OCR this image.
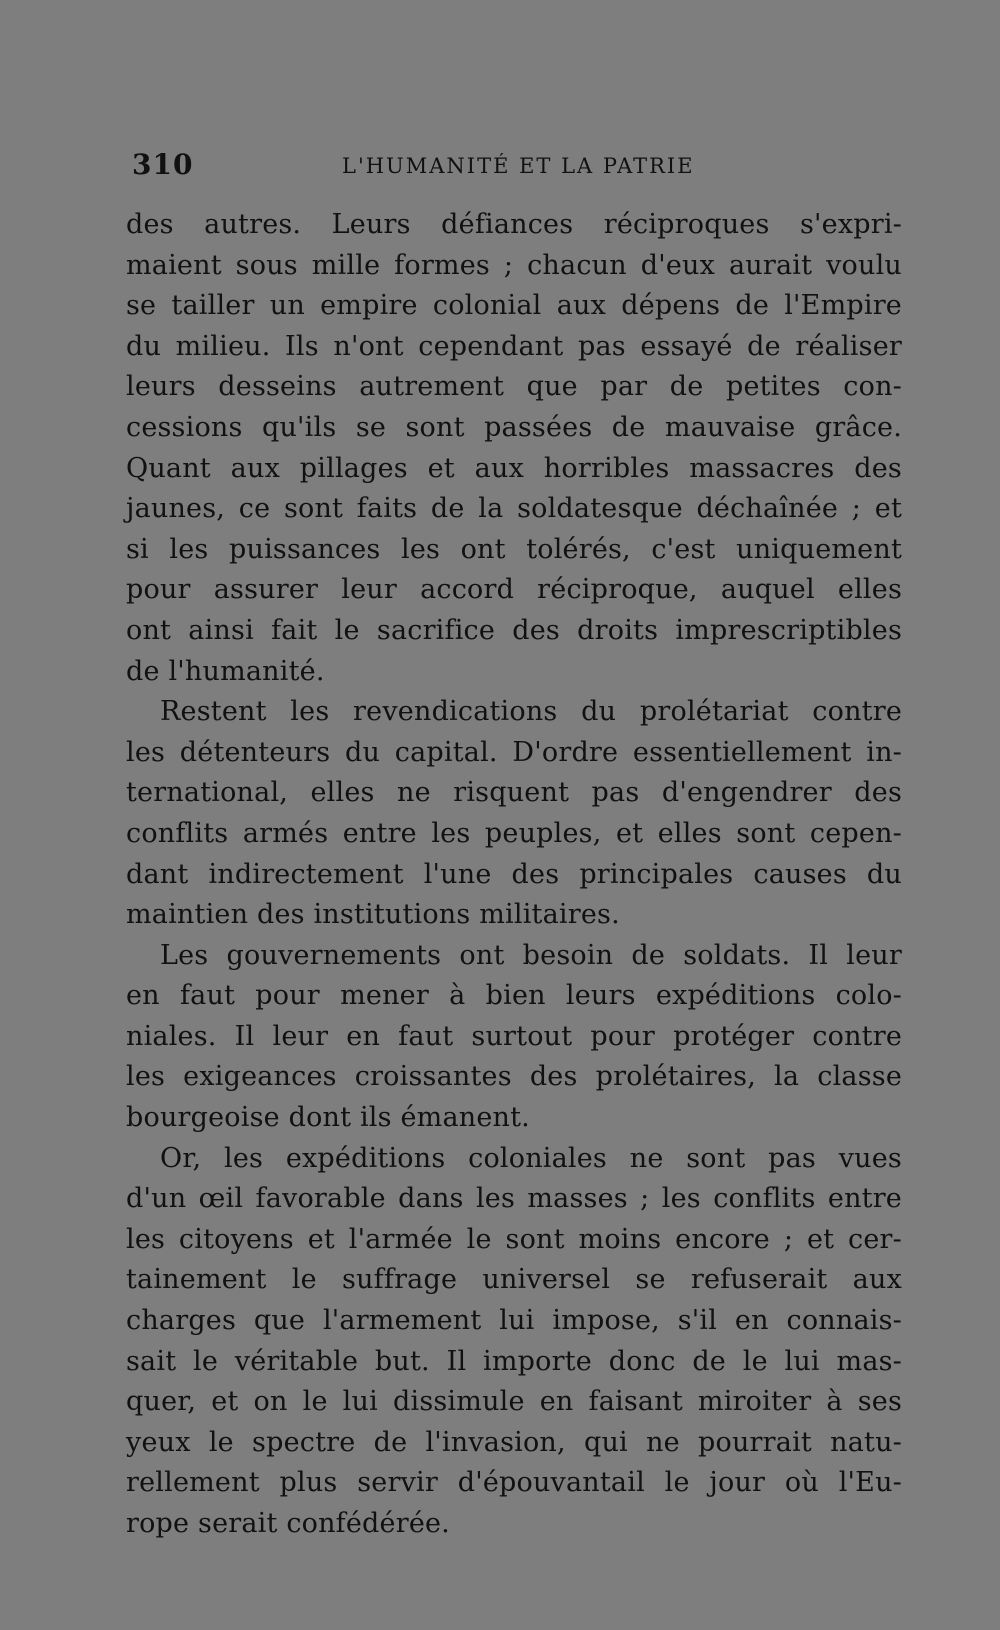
310	L'HUMANITÉ ET LA PATRIE
des autres. Leurs défiances réciproques s'expri-
maient sous mille formes ; chacun d'eux aurait voulu
se tailler un empire colonial aux dépens de l'Empire
du milieu. Ils n'ont cependant pas essayé de réaliser
leurs desseins autrement que par de petites con-
cessions qu'ils se sont passées de mauvaise grâce.
Quant aux pillages et aux horribles massacres des
jaunes, ce sont faits de la soldatesque déchaînée ; et
si les puissances les ont tolérés, c'est uniquement
pour assurer leur accord réciproque, auquel elles
ont ainsi fait le sacrifice des droits imprescriptibles
de l'humanité.
Restent les revendications du prolétariat contre
les détenteurs du capital. D'ordre essentiellement in-
ternational, elles ne risquent pas d'engendrer des
conflits armés entre les peuples, et elles sont cepen-
dant indirectement l'une des principales causes du
maintien des institutions militaires.
Les gouvernements ont besoin de soldats. Il leur
en faut pour mener à bien leurs expéditions colo-
niales. Il leur en faut surtout pour protéger contre
les exigeances croissantes des prolétaires, la classe
bourgeoise dont ils émanent.
Or, les expéditions coloniales ne sont pas vues
d'un œil favorable dans les masses ; les conflits entre
les citoyens et l'armée le sont moins encore ; et cer-
tainement le suffrage universel se refuserait aux
charges que l'armement lui impose, s'il en connais-
sait le véritable but. Il importe donc de le lui mas-
quer, et on le lui dissimule en faisant miroiter à ses
yeux le spectre de l'invasion, qui ne pourrait natu-
rellement plus servir d'épouvantail le jour où l'Eu-
rope serait confédérée.
